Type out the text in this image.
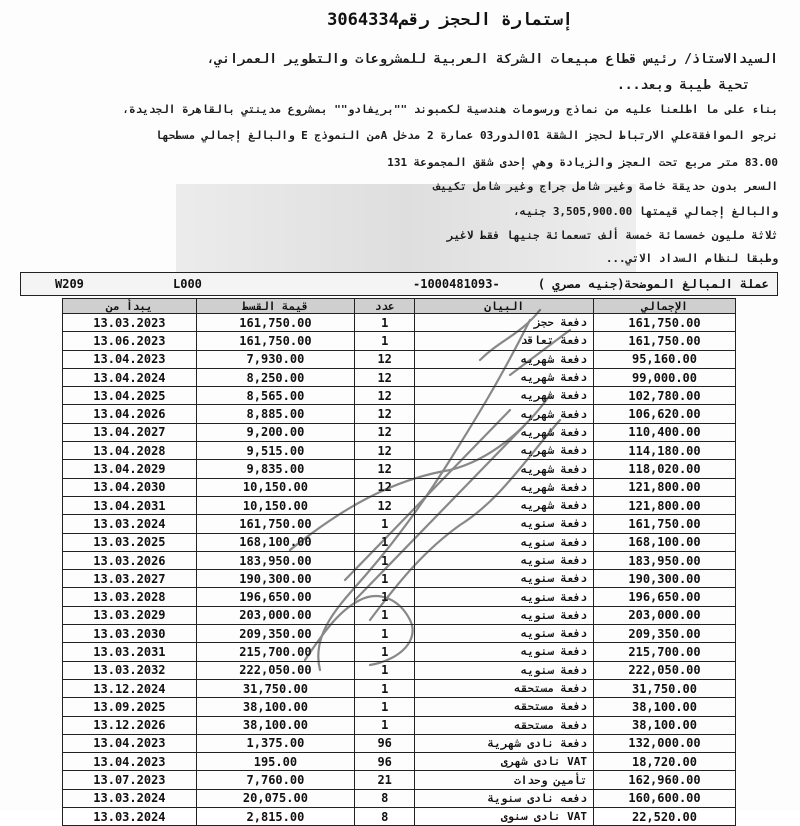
إستمارة الحجز رقم3064334
السيدالاستاذ/ رئيس قطاع مبيعات الشركة العربية للمشروعات والتطوير العمراني،
تحية طيبة وبعد...
بناء على ما اطلعنا عليه من نماذج ورسومات هندسية لكمبوند ""بريفادو"" بمشروع مدينتي بالقاهرة الجديدة،
نرجو الموافقةعلي الارتباط لحجز الشقة 01الدور03 عمارة 2 مدخل Aمن النموذج E والبالغ إجمالي مسطحها
83.00 متر مربع تحت العجز والزيادة وهي إحدى شقق المجموعة 131
السعر بدون حديقة خاصة وغير شامل جراج وغير شامل تكييف
والبالغ إجمالي قيمتها 3,505,900.00 جنيه،
ثلاثة مليون خمسمائة خمسة ألف تسعمائة جنيها فقط لاغير
وطبقا لنظام السداد الاتي...
عملة المبالغ الموضحة(جنيه مصري )
-1000481093-
L000
W209
يبدأ من	قيمة القسط	عدد	البيان	الإجمالي
13.03.2023	161,750.00	1	دفعة حجز	161,750.00
13.06.2023	161,750.00	1	دفعة تعاقد	161,750.00
13.04.2023	7,930.00	12	دفعة شهريه	95,160.00
13.04.2024	8,250.00	12	دفعة شهريه	99,000.00
13.04.2025	8,565.00	12	دفعة شهريه	102,780.00
13.04.2026	8,885.00	12	دفعة شهريه	106,620.00
13.04.2027	9,200.00	12	دفعة شهريه	110,400.00
13.04.2028	9,515.00	12	دفعة شهريه	114,180.00
13.04.2029	9,835.00	12	دفعة شهريه	118,020.00
13.04.2030	10,150.00	12	دفعة شهريه	121,800.00
13.04.2031	10,150.00	12	دفعة شهريه	121,800.00
13.03.2024	161,750.00	1	دفعة سنويه	161,750.00
13.03.2025	168,100.00	1	دفعة سنويه	168,100.00
13.03.2026	183,950.00	1	دفعة سنويه	183,950.00
13.03.2027	190,300.00	1	دفعة سنويه	190,300.00
13.03.2028	196,650.00	1	دفعة سنويه	196,650.00
13.03.2029	203,000.00	1	دفعة سنويه	203,000.00
13.03.2030	209,350.00	1	دفعة سنويه	209,350.00
13.03.2031	215,700.00	1	دفعة سنويه	215,700.00
13.03.2032	222,050.00	1	دفعة سنويه	222,050.00
13.12.2024	31,750.00	1	دفعة مستحقه	31,750.00
13.09.2025	38,100.00	1	دفعة مستحقه	38,100.00
13.12.2026	38,100.00	1	دفعة مستحقه	38,100.00
13.04.2023	1,375.00	96	دفعة نادى شهرية	132,000.00
13.04.2023	195.00	96	VAT نادى شهرى	18,720.00
13.07.2023	7,760.00	21	تأمين وحدات	162,960.00
13.03.2024	20,075.00	8	دفعه نادى سنوية	160,600.00
13.03.2024	2,815.00	8	VAT نادى سنوى	22,520.00
